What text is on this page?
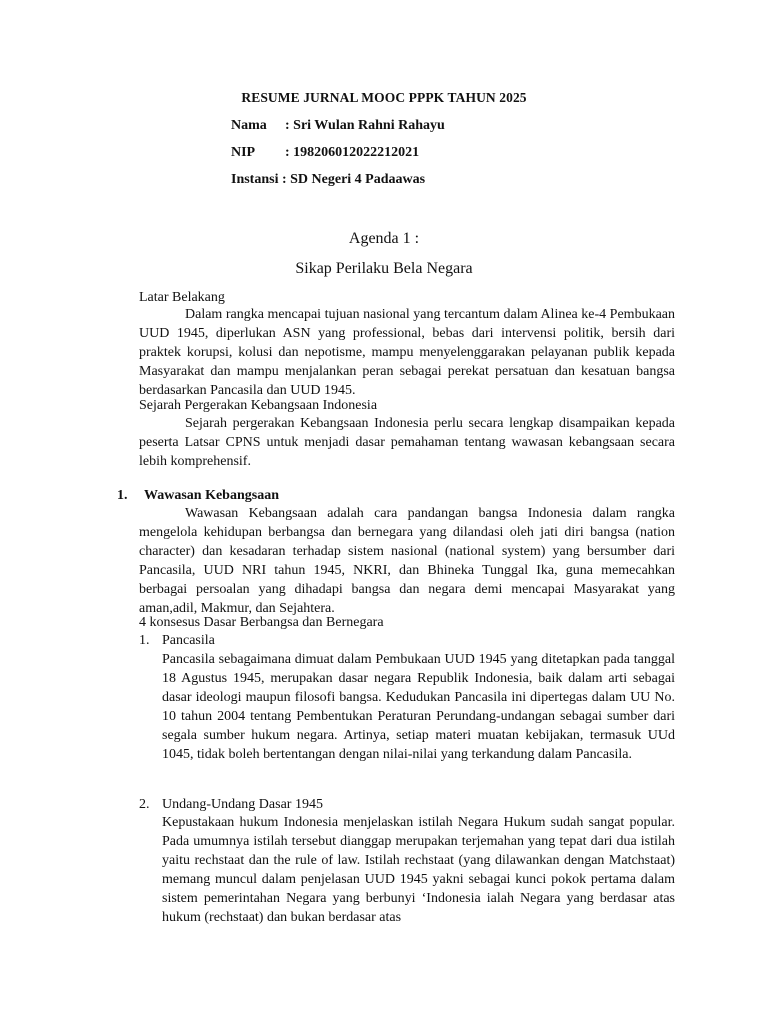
RESUME JURNAL MOOC PPPK TAHUN 2025
Nama : Sri Wulan Rahni Rahayu
NIP : 198206012022212021
Instansi : SD Negeri 4 Padaawas
Agenda 1 :
Sikap Perilaku Bela Negara
Latar Belakang
Dalam rangka mencapai tujuan nasional yang tercantum dalam Alinea ke-4 Pembukaan UUD 1945, diperlukan ASN yang professional, bebas dari intervensi politik, bersih dari praktek korupsi, kolusi dan nepotisme, mampu menyelenggarakan pelayanan publik kepada Masyarakat dan mampu menjalankan peran sebagai perekat persatuan dan kesatuan bangsa berdasarkan Pancasila dan UUD 1945.
Sejarah Pergerakan Kebangsaan Indonesia
Sejarah pergerakan Kebangsaan Indonesia perlu secara lengkap disampaikan kepada peserta Latsar CPNS untuk menjadi dasar pemahaman tentang wawasan kebangsaan secara lebih komprehensif.
1. Wawasan Kebangsaan
Wawasan Kebangsaan adalah cara pandangan bangsa Indonesia dalam rangka mengelola kehidupan berbangsa dan bernegara yang dilandasi oleh jati diri bangsa (nation character) dan kesadaran terhadap sistem nasional (national system) yang bersumber dari Pancasila, UUD NRI tahun 1945, NKRI, dan Bhineka Tunggal Ika, guna memecahkan berbagai persoalan yang dihadapi bangsa dan negara demi mencapai Masyarakat yang aman,adil, Makmur, dan Sejahtera.
4 konsesus Dasar Berbangsa dan Bernegara
1. Pancasila
Pancasila sebagaimana dimuat dalam Pembukaan UUD 1945 yang ditetapkan pada tanggal 18 Agustus 1945, merupakan dasar negara Republik Indonesia, baik dalam arti sebagai dasar ideologi maupun filosofi bangsa. Kedudukan Pancasila ini dipertegas dalam UU No. 10 tahun 2004 tentang Pembentukan Peraturan Perundang-undangan sebagai sumber dari segala sumber hukum negara. Artinya, setiap materi muatan kebijakan, termasuk UUd 1045, tidak boleh bertentangan dengan nilai-nilai yang terkandung dalam Pancasila.
2. Undang-Undang Dasar 1945
Kepustakaan hukum Indonesia menjelaskan istilah Negara Hukum sudah sangat popular. Pada umumnya istilah tersebut dianggap merupakan terjemahan yang tepat dari dua istilah yaitu rechstaat dan the rule of law. Istilah rechstaat (yang dilawankan dengan Matchstaat) memang muncul dalam penjelasan UUD 1945 yakni sebagai kunci pokok pertama dalam sistem pemerintahan Negara yang berbunyi ‘Indonesia ialah Negara yang berdasar atas hukum (rechstaat) dan bukan berdasar atas
